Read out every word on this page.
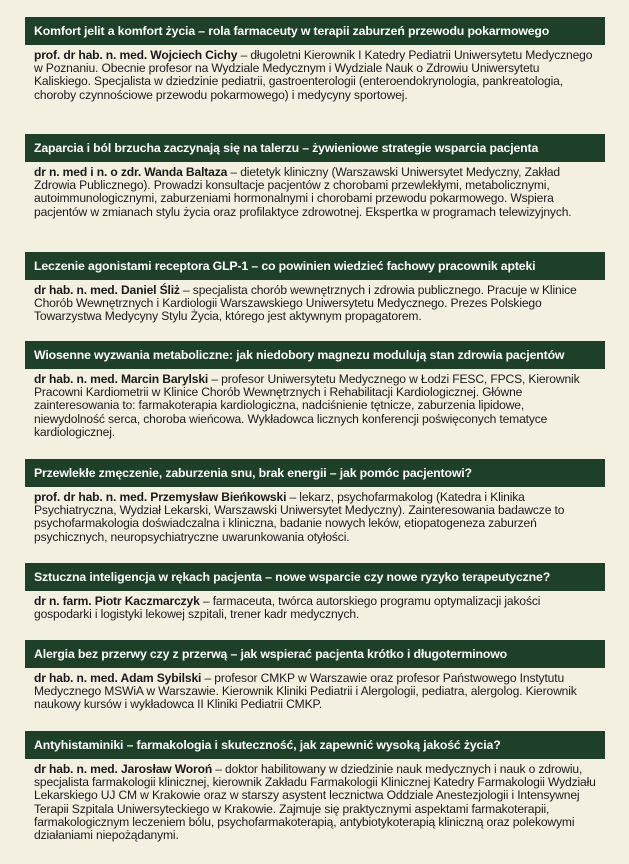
Komfort jelit a komfort życia – rola farmaceuty w terapii zaburzeń przewodu pokarmowego
prof. dr hab. n. med. Wojciech Cichy – długoletni Kierownik I Katedry Pediatrii Uniwersytetu Medycznego w Poznaniu. Obecnie profesor na Wydziale Medycznym i Wydziale Nauk o Zdrowiu Uniwersytetu Kaliskiego. Specjalista w dziedzinie pediatrii, gastroenterologii (enteroendokrynologia, pankreatologia, choroby czynnościowe przewodu pokarmowego) i medycyny sportowej.
Zaparcia i ból brzucha zaczynają się na talerzu – żywieniowe strategie wsparcia pacjenta
dr n. med i n. o zdr. Wanda Baltaza – dietetyk kliniczny (Warszawski Uniwersytet Medyczny, Zakład Zdrowia Publicznego). Prowadzi konsultacje pacjentów z chorobami przewlekłymi, metabolicznymi, autoimmunologicznymi, zaburzeniami hormonalnymi i chorobami przewodu pokarmowego. Wspiera pacjentów w zmianach stylu życia oraz profilaktyce zdrowotnej. Ekspertka w programach telewizyjnych.
Leczenie agonistami receptora GLP-1 – co powinien wiedzieć fachowy pracownik apteki
dr hab. n. med. Daniel Śliż – specjalista chorób wewnętrznych i zdrowia publicznego. Pracuje w Klinice Chorób Wewnętrznych i Kardiologii Warszawskiego Uniwersytetu Medycznego. Prezes Polskiego Towarzystwa Medycyny Stylu Życia, którego jest aktywnym propagatorem.
Wiosenne wyzwania metaboliczne: jak niedobory magnezu modulują stan zdrowia pacjentów
dr hab. n. med. Marcin Barylski – profesor Uniwersytetu Medycznego w Łodzi FESC, FPCS, Kierownik Pracowni Kardiometrii w Klinice Chorób Wewnętrznych i Rehabilitacji Kardiologicznej. Główne zainteresowania to: farmakoterapia kardiologiczna, nadciśnienie tętnicze, zaburzenia lipidowe, niewydolność serca, choroba wieńcowa. Wykładowca licznych konferencji poświęconych tematyce kardiologicznej.
Przewlekłe zmęczenie, zaburzenia snu, brak energii – jak pomóc pacjentowi?
prof. dr hab. n. med. Przemysław Bieńkowski – lekarz, psychofarmakolog (Katedra i Klinika Psychiatryczna, Wydział Lekarski, Warszawski Uniwersytet Medyczny). Zainteresowania badawcze to psychofarmakologia doświadczalna i kliniczna, badanie nowych leków, etiopatogeneza zaburzeń psychicznych, neuropsychiatryczne uwarunkowania otyłości.
Sztuczna inteligencja w rękach pacjenta – nowe wsparcie czy nowe ryzyko terapeutyczne?
dr n. farm. Piotr Kaczmarczyk – farmaceuta, twórca autorskiego programu optymalizacji jakości gospodarki i logistyki lekowej szpitali, trener kadr medycznych.
Alergia bez przerwy czy z przerwą – jak wspierać pacjenta krótko i długoterminowo
dr hab. n. med. Adam Sybilski – profesor CMKP w Warszawie oraz profesor Państwowego Instytutu Medycznego MSWiA w Warszawie. Kierownik Kliniki Pediatrii i Alergologii, pediatra, alergolog. Kierownik naukowy kursów i wykładowca II Kliniki Pediatrii CMKP.
Antyhistaminiki – farmakologia i skuteczność, jak zapewnić wysoką jakość życia?
dr hab. n. med. Jarosław Woroń – doktor habilitowany w dziedzinie nauk medycznych i nauk o zdrowiu, specjalista farmakologii klinicznej, kierownik Zakładu Farmakologii Klinicznej Katedry Farmakologii Wydziału Lekarskiego UJ CM w Krakowie oraz w starszy asystent lecznictwa Oddziale Anestezjologii i Intensywnej Terapii Szpitala Uniwersyteckiego w Krakowie. Zajmuje się praktycznymi aspektami farmakoterapii, farmakologicznym leczeniem bólu, psychofarmakoterapią, antybiotykoterapią kliniczną oraz polekowymi działaniami niepożądanymi.
